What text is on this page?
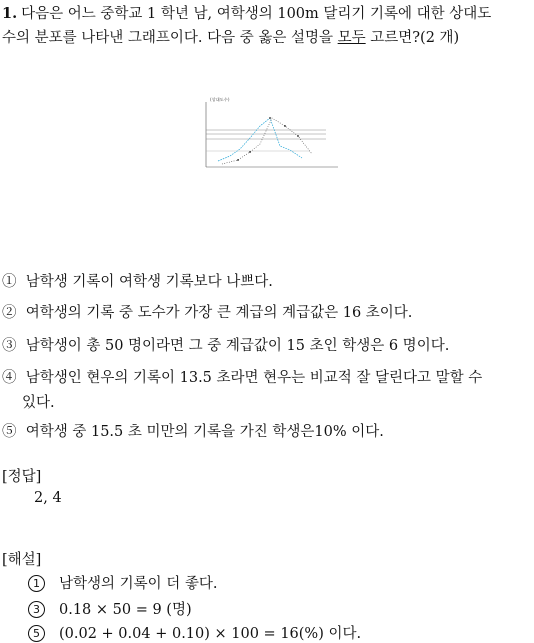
1. 다음은 어느 중학교 1 학년 남, 여학생의 100m 달리기 기록에 대한 상대도
수의 분포를 나타낸 그래프이다. 다음 중 옳은 설명을 모두 고르면?(2 개)
(상대도수)
① 남학생 기록이 여학생 기록보다 나쁘다.
② 여학생의 기록 중 도수가 가장 큰 계급의 계급값은 16 초이다.
③ 남학생이 총 50 명이라면 그 중 계급값이 15 초인 학생은 6 명이다.
④ 남학생인 현우의 기록이 13.5 초라면 현우는 비교적 잘 달린다고 말할 수
있다.
⑤ 여학생 중 15.5 초 미만의 기록을 가진 학생은10% 이다.
[정답]
2, 4
[해설]
1 남학생의 기록이 더 좋다.
3 0.18 × 50 = 9 (명)
5 (0.02 + 0.04 + 0.10) × 100 = 16(%) 이다.
